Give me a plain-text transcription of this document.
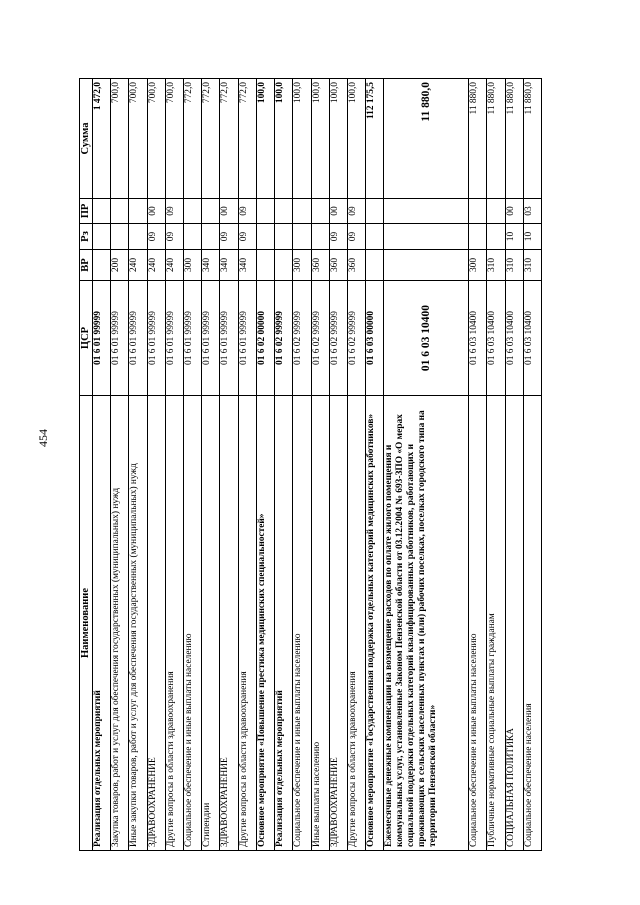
454
Наименование	ЦСР	ВР	Рз	ПР	Сумма
Реализация отдельных мероприятий	01 6 01 99999				1 472,0
Закупка товаров, работ и услуг для обеспечения государственных (муниципальных) нужд	01 6 01 99999	200			700,0
Иные закупки товаров, работ и услуг для обеспечения государственных (муниципальных) нужд	01 6 01 99999	240			700,0
ЗДРАВООХРАНЕНИЕ	01 6 01 99999	240	09	00	700,0
Другие вопросы в области здравоохранения	01 6 01 99999	240	09	09	700,0
Социальное обеспечение и иные выплаты населению	01 6 01 99999	300			772,0
Стипендии	01 6 01 99999	340			772,0
ЗДРАВООХРАНЕНИЕ	01 6 01 99999	340	09	00	772,0
Другие вопросы в области здравоохранения	01 6 01 99999	340	09	09	772,0
Основное мероприятие «Повышение престижа медицинских специальностей»	01 6 02 00000				100,0
Реализация отдельных мероприятий	01 6 02 99999				100,0
Социальное обеспечение и иные выплаты населению	01 6 02 99999	300			100,0
Иные выплаты населению	01 6 02 99999	360			100,0
ЗДРАВООХРАНЕНИЕ	01 6 02 99999	360	09	00	100,0
Другие вопросы в области здравоохранения	01 6 02 99999	360	09	09	100,0
Основное мероприятие «Государственная поддержка отдельных категорий медицинских работников»	01 6 03 00000				112 175,5
Ежемесячные денежные компенсации на возмещение расходов по оплате жилого помещения и коммунальных услуг, установленные Законом Пензенской области от 03.12.2004 № 693-ЗПО «О мерах социальной поддержки отдельных категорий квалифицированных работников, работающих и проживающих в сельских населенных пунктах и (или) рабочих поселках, поселках городского типа на территории Пензенской области»	01 6 03 10400				11 880,0
Социальное обеспечение и иные выплаты населению	01 6 03 10400	300			11 880,0
Публичные нормативные социальные выплаты гражданам	01 6 03 10400	310			11 880,0
СОЦИАЛЬНАЯ ПОЛИТИКА	01 6 03 10400	310	10	00	11 880,0
Социальное обеспечение населения	01 6 03 10400	310	10	03	11 880,0
